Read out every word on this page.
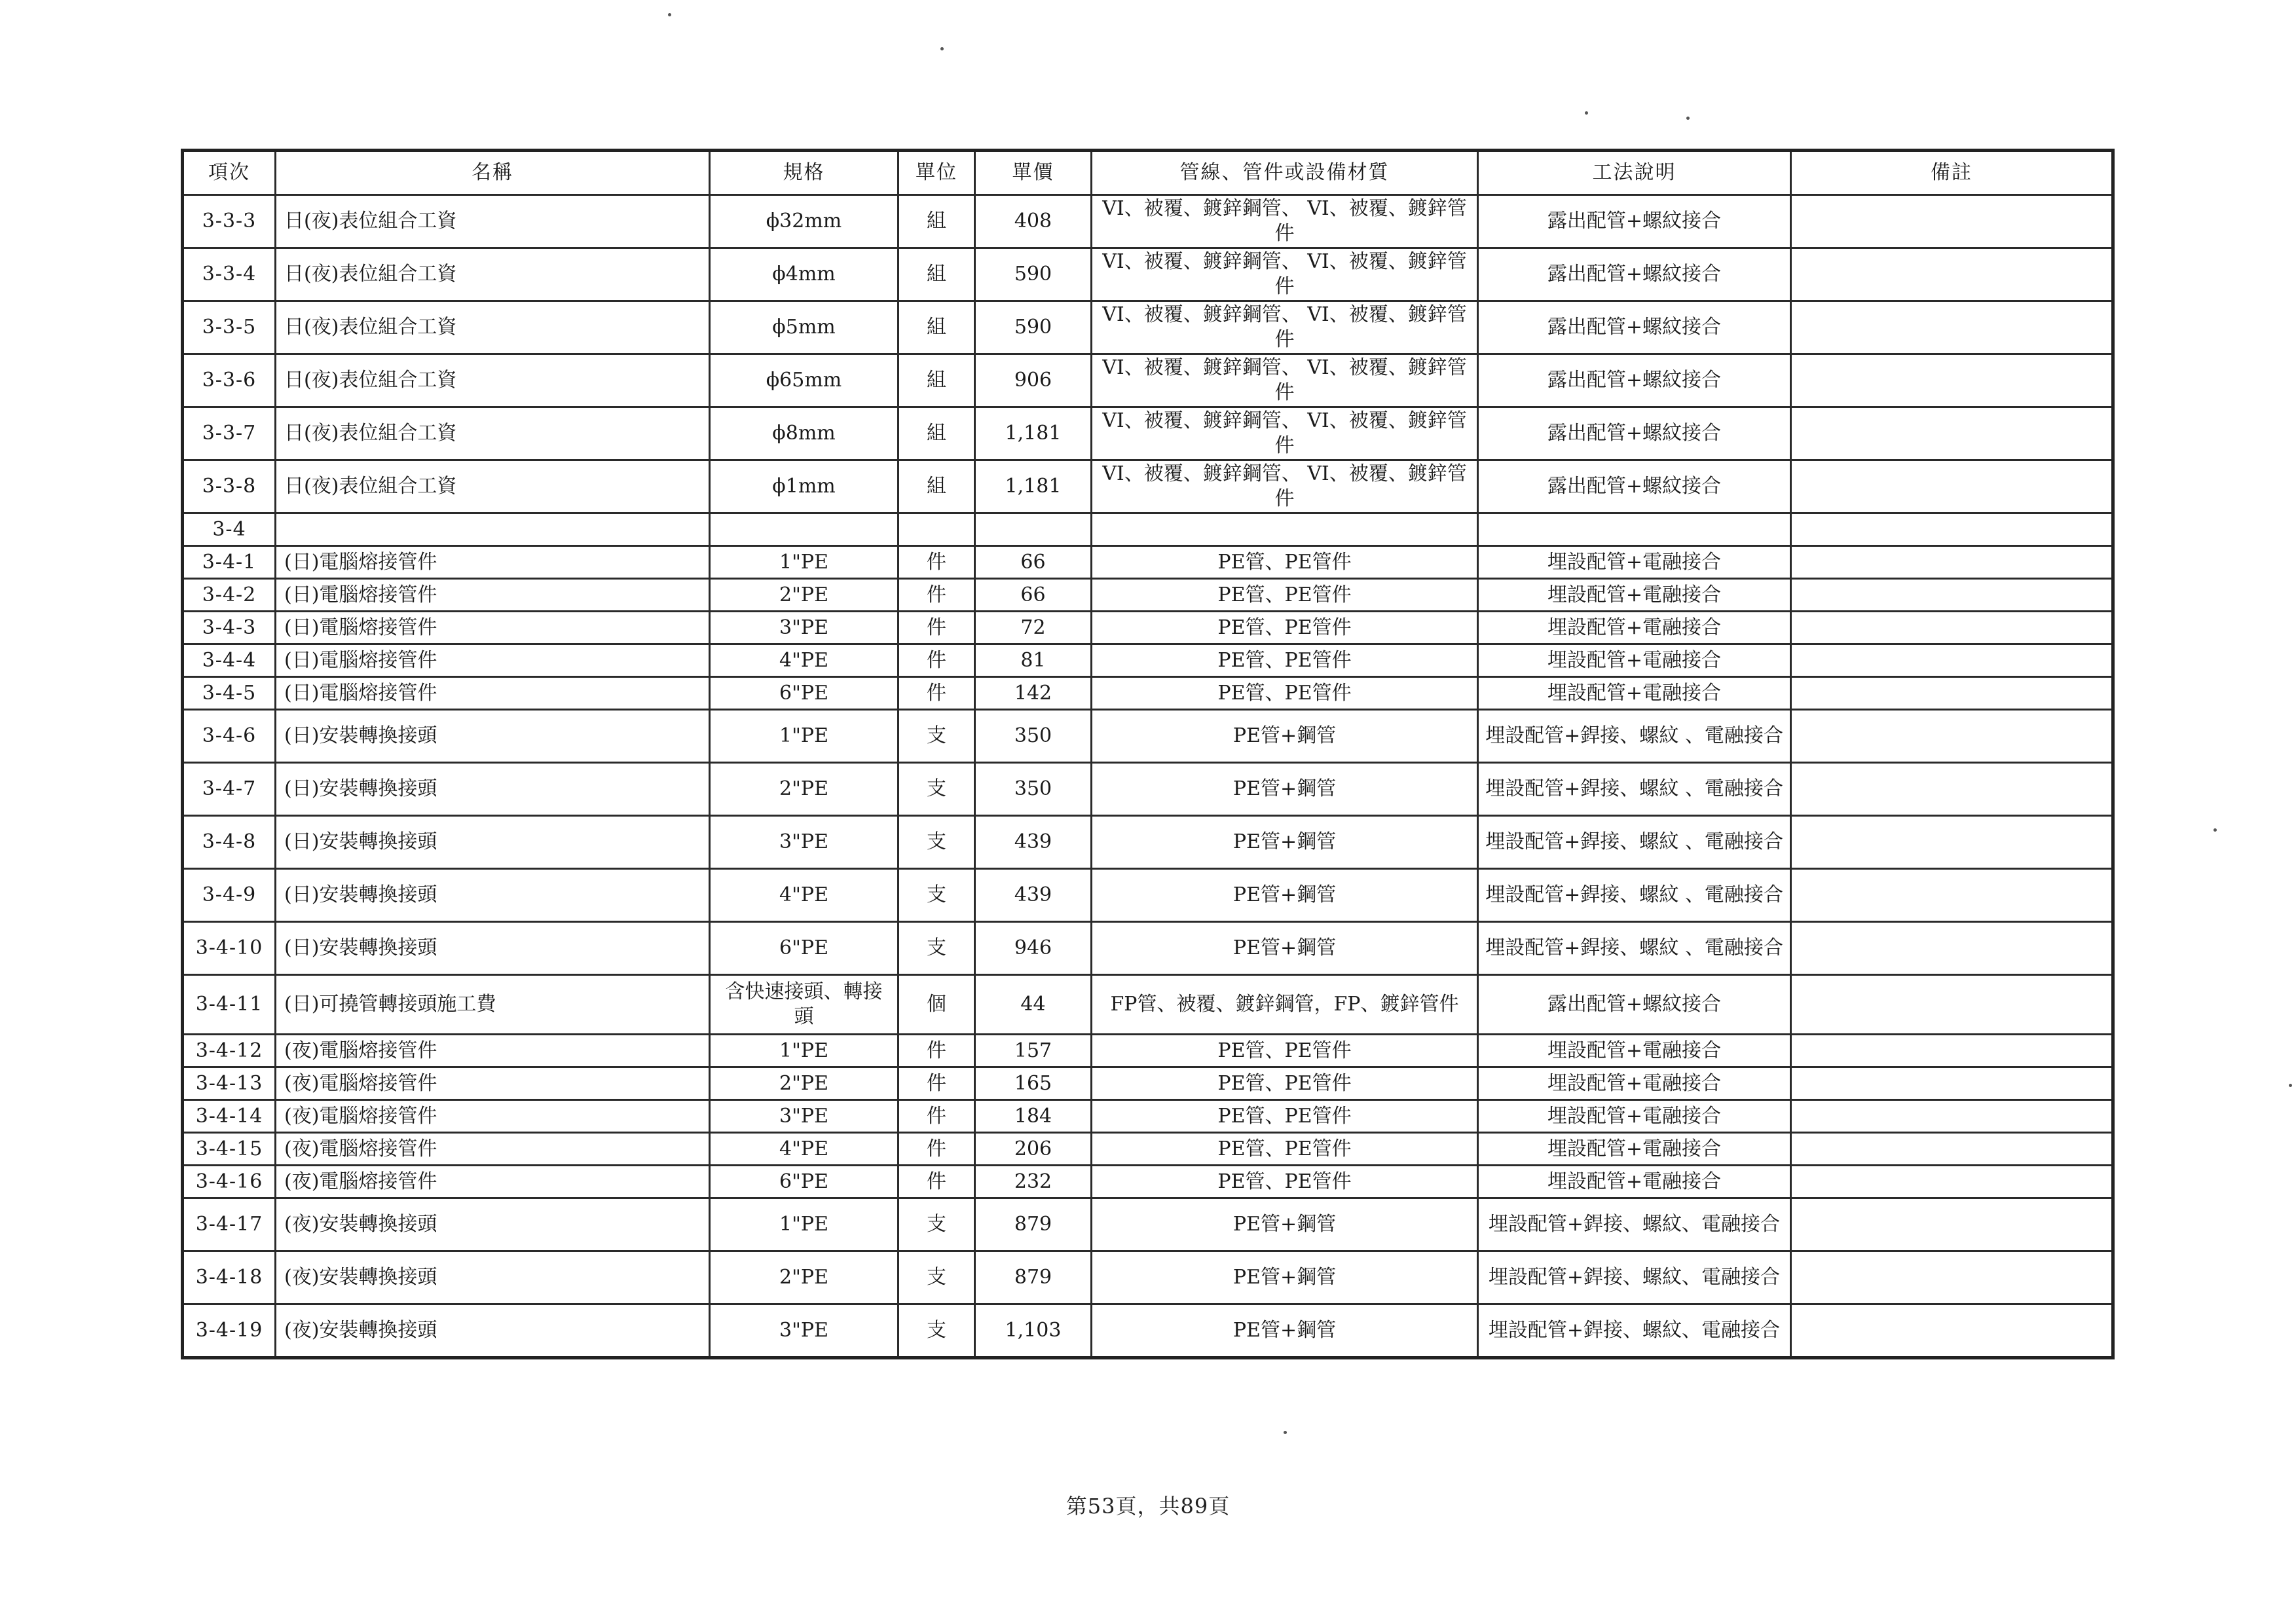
項次	名稱	規格	單位	單價	管線、管件或設備材質	工法說明	備註
3-3-3	日(夜)表位組合工資	ϕ32mm	組	408	VI、被覆、鍍鋅鋼管、 VI、被覆、鍍鋅管件	露出配管+螺紋接合	
3-3-4	日(夜)表位組合工資	ϕ4mm	組	590	VI、被覆、鍍鋅鋼管、 VI、被覆、鍍鋅管件	露出配管+螺紋接合	
3-3-5	日(夜)表位組合工資	ϕ5mm	組	590	VI、被覆、鍍鋅鋼管、 VI、被覆、鍍鋅管件	露出配管+螺紋接合	
3-3-6	日(夜)表位組合工資	ϕ65mm	組	906	VI、被覆、鍍鋅鋼管、 VI、被覆、鍍鋅管件	露出配管+螺紋接合	
3-3-7	日(夜)表位組合工資	ϕ8mm	組	1,181	VI、被覆、鍍鋅鋼管、 VI、被覆、鍍鋅管件	露出配管+螺紋接合	
3-3-8	日(夜)表位組合工資	ϕ1mm	組	1,181	VI、被覆、鍍鋅鋼管、 VI、被覆、鍍鋅管件	露出配管+螺紋接合	
3-4							
3-4-1	(日)電腦熔接管件	1"PE	件	66	PE管、PE管件	埋設配管+電融接合	
3-4-2	(日)電腦熔接管件	2"PE	件	66	PE管、PE管件	埋設配管+電融接合	
3-4-3	(日)電腦熔接管件	3"PE	件	72	PE管、PE管件	埋設配管+電融接合	
3-4-4	(日)電腦熔接管件	4"PE	件	81	PE管、PE管件	埋設配管+電融接合	
3-4-5	(日)電腦熔接管件	6"PE	件	142	PE管、PE管件	埋設配管+電融接合	
3-4-6	(日)安裝轉換接頭	1"PE	支	350	PE管+鋼管	埋設配管+銲接、螺紋 、電融接合	
3-4-7	(日)安裝轉換接頭	2"PE	支	350	PE管+鋼管	埋設配管+銲接、螺紋 、電融接合	
3-4-8	(日)安裝轉換接頭	3"PE	支	439	PE管+鋼管	埋設配管+銲接、螺紋 、電融接合	
3-4-9	(日)安裝轉換接頭	4"PE	支	439	PE管+鋼管	埋設配管+銲接、螺紋 、電融接合	
3-4-10	(日)安裝轉換接頭	6"PE	支	946	PE管+鋼管	埋設配管+銲接、螺紋 、電融接合	
3-4-11	(日)可撓管轉接頭施工費	含快速接頭、轉接頭	個	44	FP管、被覆、鍍鋅鋼管，FP、鍍鋅管件	露出配管+螺紋接合	
3-4-12	(夜)電腦熔接管件	1"PE	件	157	PE管、PE管件	埋設配管+電融接合	
3-4-13	(夜)電腦熔接管件	2"PE	件	165	PE管、PE管件	埋設配管+電融接合	
3-4-14	(夜)電腦熔接管件	3"PE	件	184	PE管、PE管件	埋設配管+電融接合	
3-4-15	(夜)電腦熔接管件	4"PE	件	206	PE管、PE管件	埋設配管+電融接合	
3-4-16	(夜)電腦熔接管件	6"PE	件	232	PE管、PE管件	埋設配管+電融接合	
3-4-17	(夜)安裝轉換接頭	1"PE	支	879	PE管+鋼管	埋設配管+銲接、螺紋、電融接合	
3-4-18	(夜)安裝轉換接頭	2"PE	支	879	PE管+鋼管	埋設配管+銲接、螺紋、電融接合	
3-4-19	(夜)安裝轉換接頭	3"PE	支	1,103	PE管+鋼管	埋設配管+銲接、螺紋、電融接合	
第53頁，共89頁
